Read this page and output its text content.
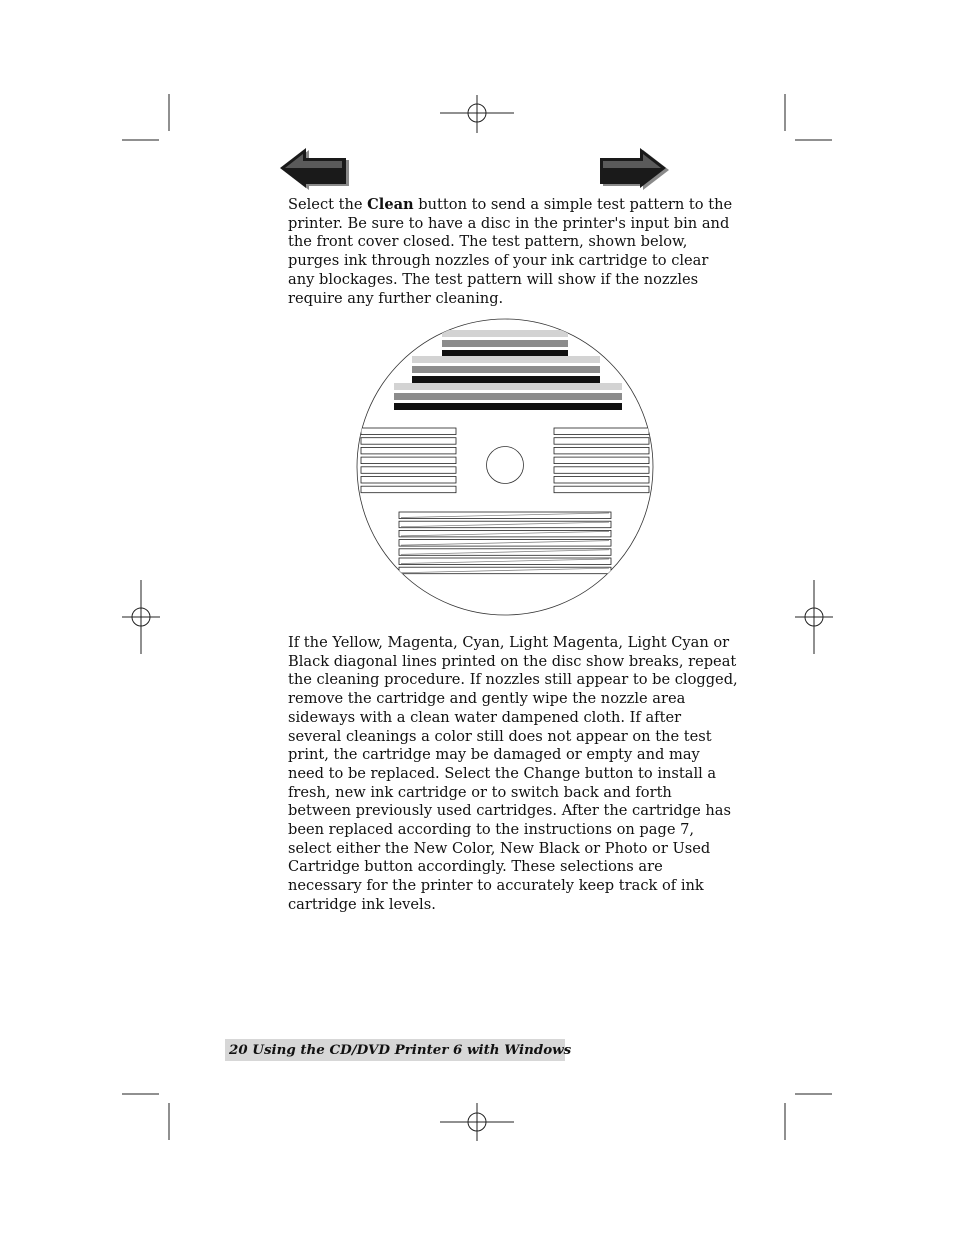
Select the Clean button to send a simple test pattern to the printer. Be sure to have a disc in the printer's input bin and the front cover closed. The test pattern, shown below, purges ink through nozzles of your ink cartridge to clear any blockages. The test pattern will show if the nozzles require any further cleaning.
If the Yellow, Magenta, Cyan, Light Magenta, Light Cyan or Black diagonal lines printed on the disc show breaks, repeat the cleaning procedure. If nozzles still appear to be clogged, remove the cartridge and gently wipe the nozzle area sideways with a clean water dampened cloth. If after several cleanings a color still does not appear on the test print, the cartridge may be damaged or empty and may need to be replaced. Select the Change button to install a fresh, new ink cartridge or to switch back and forth between previously used cartridges. After the cartridge has been replaced according to the instructions on page 7, select either the New Color, New Black or Photo or Used Cartridge button accordingly. These selections are necessary for the printer to accurately keep track of ink cartridge ink levels.
20 Using the CD/DVD Printer 6 with Windows
